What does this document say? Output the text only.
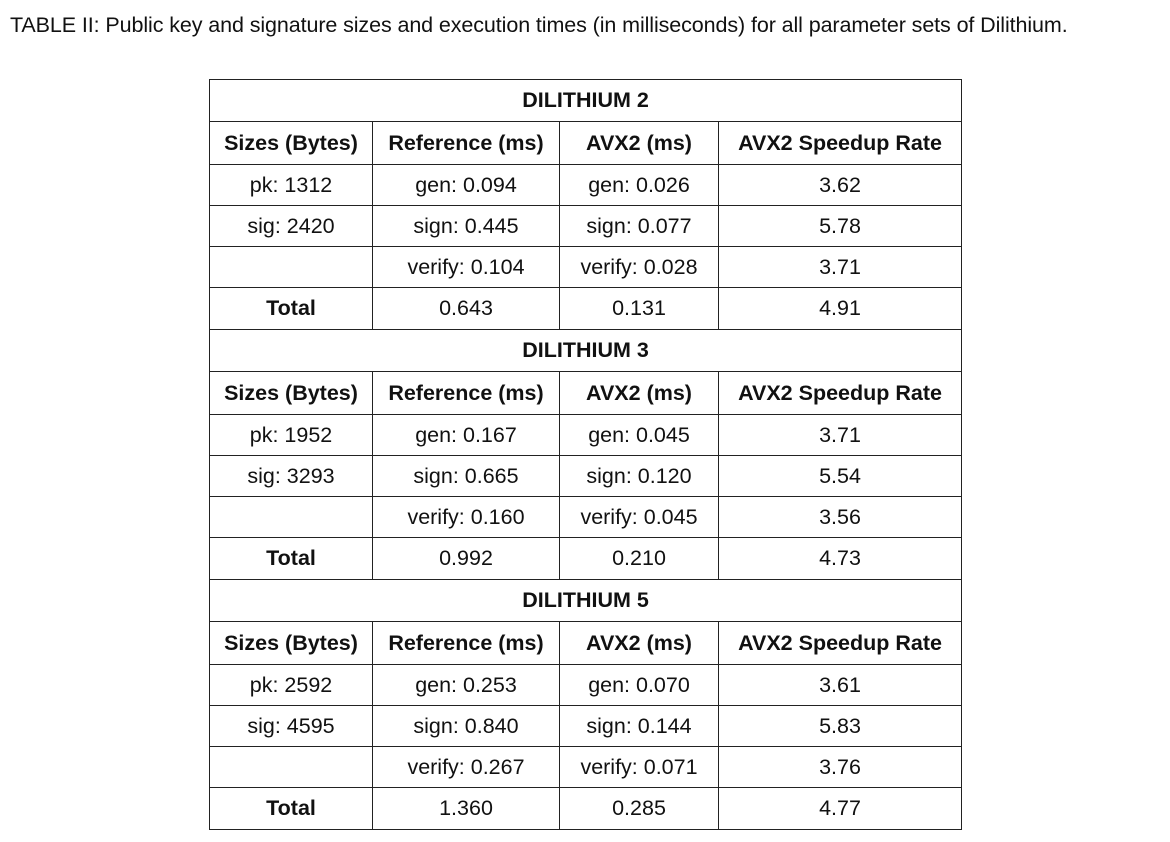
TABLE II: Public key and signature sizes and execution times (in milliseconds) for all parameter sets of Dilithium.
DILITHIUM 2			
Sizes (Bytes)	Reference (ms)	AVX2 (ms)	AVX2 Speedup Rate
pk: 1312	gen: 0.094	gen: 0.026	3.62
sig: 2420	sign: 0.445	sign: 0.077	5.78
	verify: 0.104	verify: 0.028	3.71
Total	0.643	0.131	4.91
DILITHIUM 3			
Sizes (Bytes)	Reference (ms)	AVX2 (ms)	AVX2 Speedup Rate
pk: 1952	gen: 0.167	gen: 0.045	3.71
sig: 3293	sign: 0.665	sign: 0.120	5.54
	verify: 0.160	verify: 0.045	3.56
Total	0.992	0.210	4.73
DILITHIUM 5			
Sizes (Bytes)	Reference (ms)	AVX2 (ms)	AVX2 Speedup Rate
pk: 2592	gen: 0.253	gen: 0.070	3.61
sig: 4595	sign: 0.840	sign: 0.144	5.83
	verify: 0.267	verify: 0.071	3.76
Total	1.360	0.285	4.77
